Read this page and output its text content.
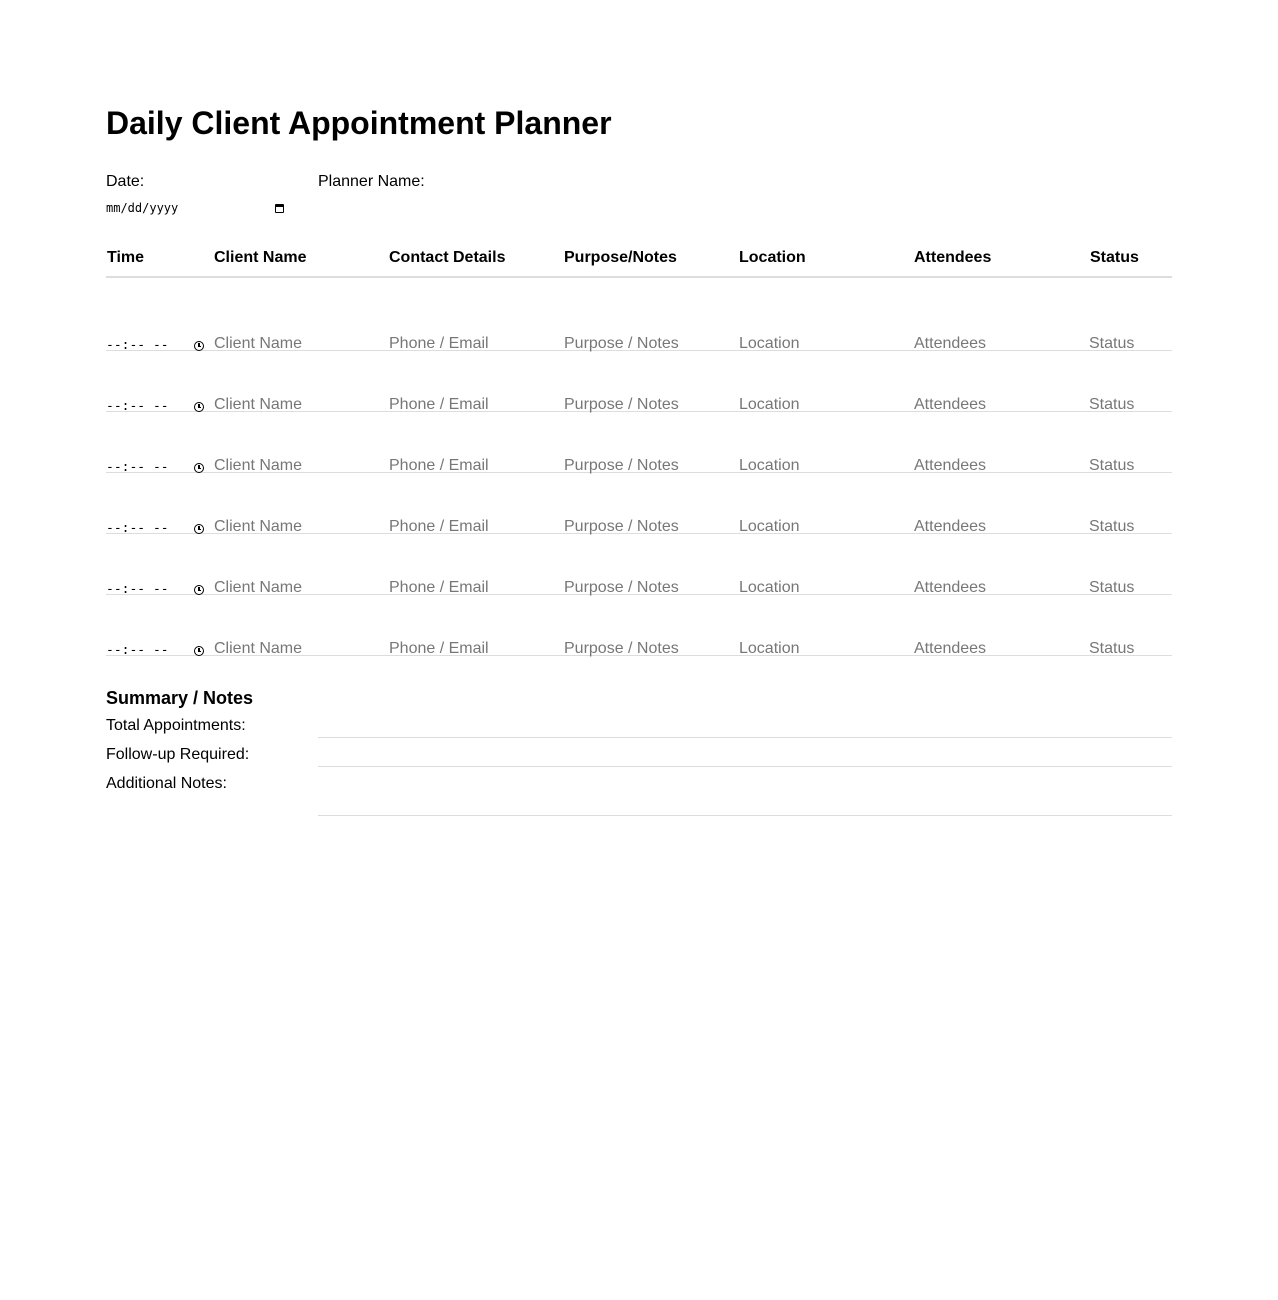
Daily Client Appointment Planner
Date:
mm/dd/yyyy
Planner Name:
Time	Client Name	Contact Details	Purpose/Notes	Location	Attendees	Status
--:-- --	Client Name	Phone / Email	Purpose / Notes	Location	Attendees	Status
--:-- --	Client Name	Phone / Email	Purpose / Notes	Location	Attendees	Status
--:-- --	Client Name	Phone / Email	Purpose / Notes	Location	Attendees	Status
--:-- --	Client Name	Phone / Email	Purpose / Notes	Location	Attendees	Status
--:-- --	Client Name	Phone / Email	Purpose / Notes	Location	Attendees	Status
--:-- --	Client Name	Phone / Email	Purpose / Notes	Location	Attendees	Status
Summary / Notes
Total Appointments:
Follow-up Required:
Additional Notes:
